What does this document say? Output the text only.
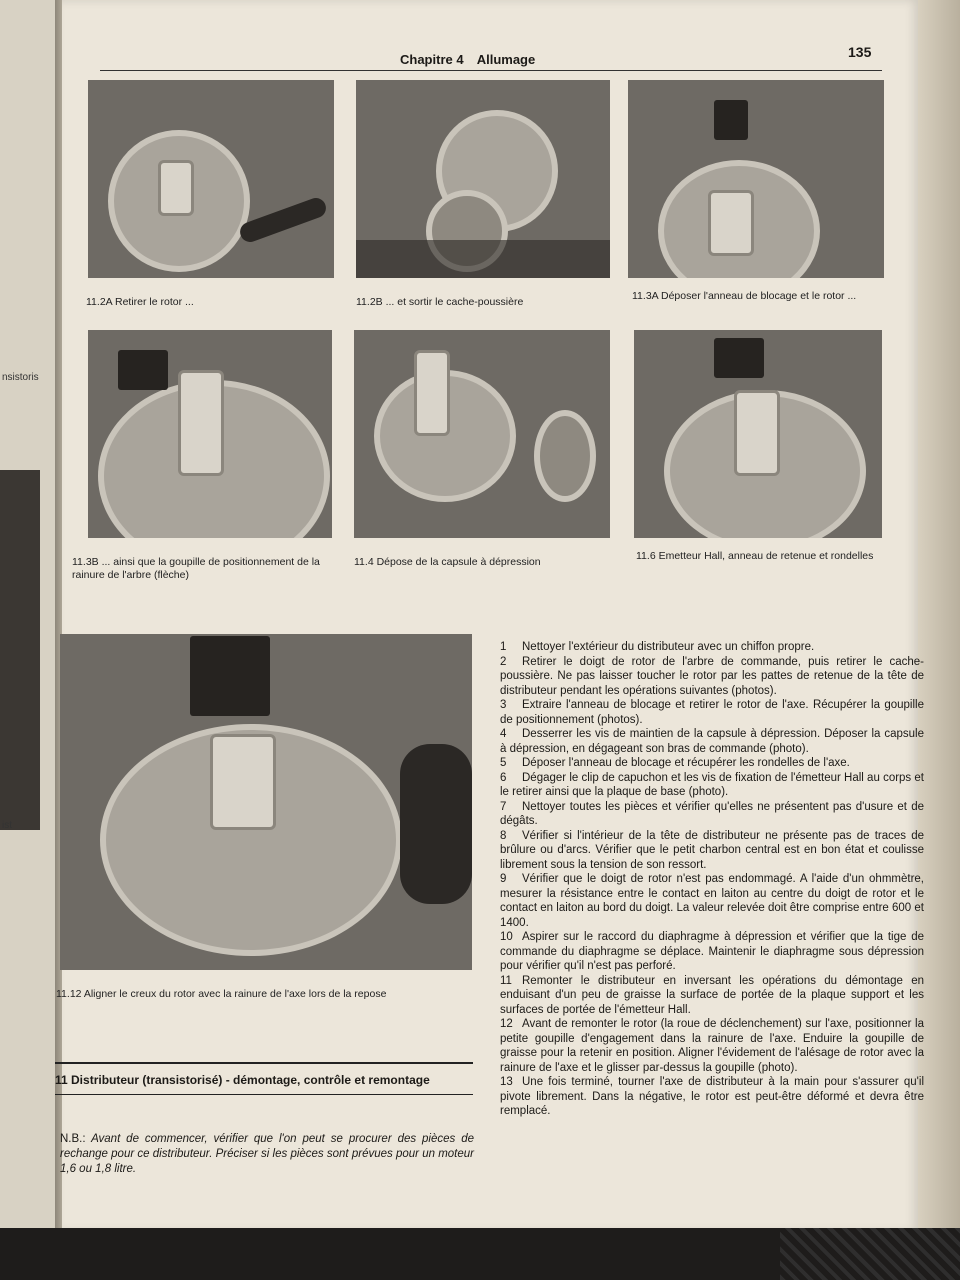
nsistoris
ist
Chapitre 4 Allumage	135
11.2A Retirer le rotor ...	11.2B ... et sortir le cache-poussière	11.3A Déposer l'anneau de blocage et le rotor ...
11.3B ... ainsi que la goupille de positionnement de la rainure de l'arbre (flèche)
11.4 Dépose de la capsule à dépression	11.6 Emetteur Hall, anneau de retenue et rondelles
11.12 Aligner le creux du rotor avec la rainure de l'axe lors de la repose
11 Distributeur (transistorisé) - démontage, contrôle et remontage
N.B.: Avant de commencer, vérifier que l'on peut se procurer des pièces de rechange pour ce distributeur. Préciser si les pièces sont prévues pour un moteur 1,6 ou 1,8 litre.

1 Nettoyer l'extérieur du distributeur avec un chiffon propre.

2 Retirer le doigt de rotor de l'arbre de commande, puis retirer le cache-poussière. Ne pas laisser toucher le rotor par les pattes de retenue de la tête de distributeur pendant les opérations suivantes (photos).

3 Extraire l'anneau de blocage et retirer le rotor de l'axe. Récupérer la goupille de positionnement (photos).

4 Desserrer les vis de maintien de la capsule à dépression. Déposer la capsule à dépression, en dégageant son bras de commande (photo).

5 Déposer l'anneau de blocage et récupérer les rondelles de l'axe.

6 Dégager le clip de capuchon et les vis de fixation de l'émetteur Hall au corps et le retirer ainsi que la plaque de base (photo).

7 Nettoyer toutes les pièces et vérifier qu'elles ne présentent pas d'usure et de dégâts.

8 Vérifier si l'intérieur de la tête de distributeur ne présente pas de traces de brûlure ou d'arcs. Vérifier que le petit charbon central est en bon état et coulisse librement sous la tension de son ressort.

9 Vérifier que le doigt de rotor n'est pas endommagé. A l'aide d'un ohmmètre, mesurer la résistance entre le contact en laiton au centre du doigt de rotor et le contact en laiton au bord du doigt. La valeur relevée doit être comprise entre 600 et 1400.

10 Aspirer sur le raccord du diaphragme à dépression et vérifier que la tige de commande du diaphragme se déplace. Maintenir le diaphragme sous dépression pour vérifier qu'il n'est pas perforé.

11 Remonter le distributeur en inversant les opérations du démontage en enduisant d'un peu de graisse la surface de portée de la plaque support et les surfaces de portée de l'émetteur Hall.

12 Avant de remonter le rotor (la roue de déclenchement) sur l'axe, positionner la petite goupille d'engagement dans la rainure de l'axe. Enduire la goupille de graisse pour la retenir en position. Aligner l'évidement de l'alésage de rotor avec la rainure de l'axe et le glisser par-dessus la goupille (photo).

13 Une fois terminé, tourner l'axe de distributeur à la main pour s'assurer qu'il pivote librement. Dans la négative, le rotor est peut-être déformé et devra être remplacé.
